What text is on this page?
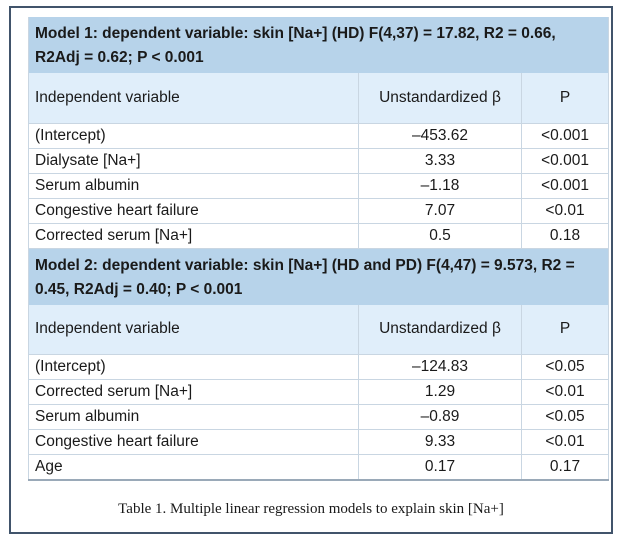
Model 1: dependent variable: skin [Na+] (HD) F(4,37) = 17.82, R2 = 0.66, R2Adj = 0.62; P < 0.001		
Independent variable	Unstandardized β	P
(Intercept)	–453.62	<0.001
Dialysate [Na+]	3.33	<0.001
Serum albumin	–1.18	<0.001
Congestive heart failure	7.07	<0.01
Corrected serum [Na+]	0.5	0.18
Model 2: dependent variable: skin [Na+] (HD and PD) F(4,47) = 9.573, R2 = 0.45, R2Adj = 0.40; P < 0.001		
Independent variable	Unstandardized β	P
(Intercept)	–124.83	<0.05
Corrected serum [Na+]	1.29	<0.01
Serum albumin	–0.89	<0.05
Congestive heart failure	9.33	<0.01
Age	0.17	0.17
Table 1. Multiple linear regression models to explain skin [Na+]
